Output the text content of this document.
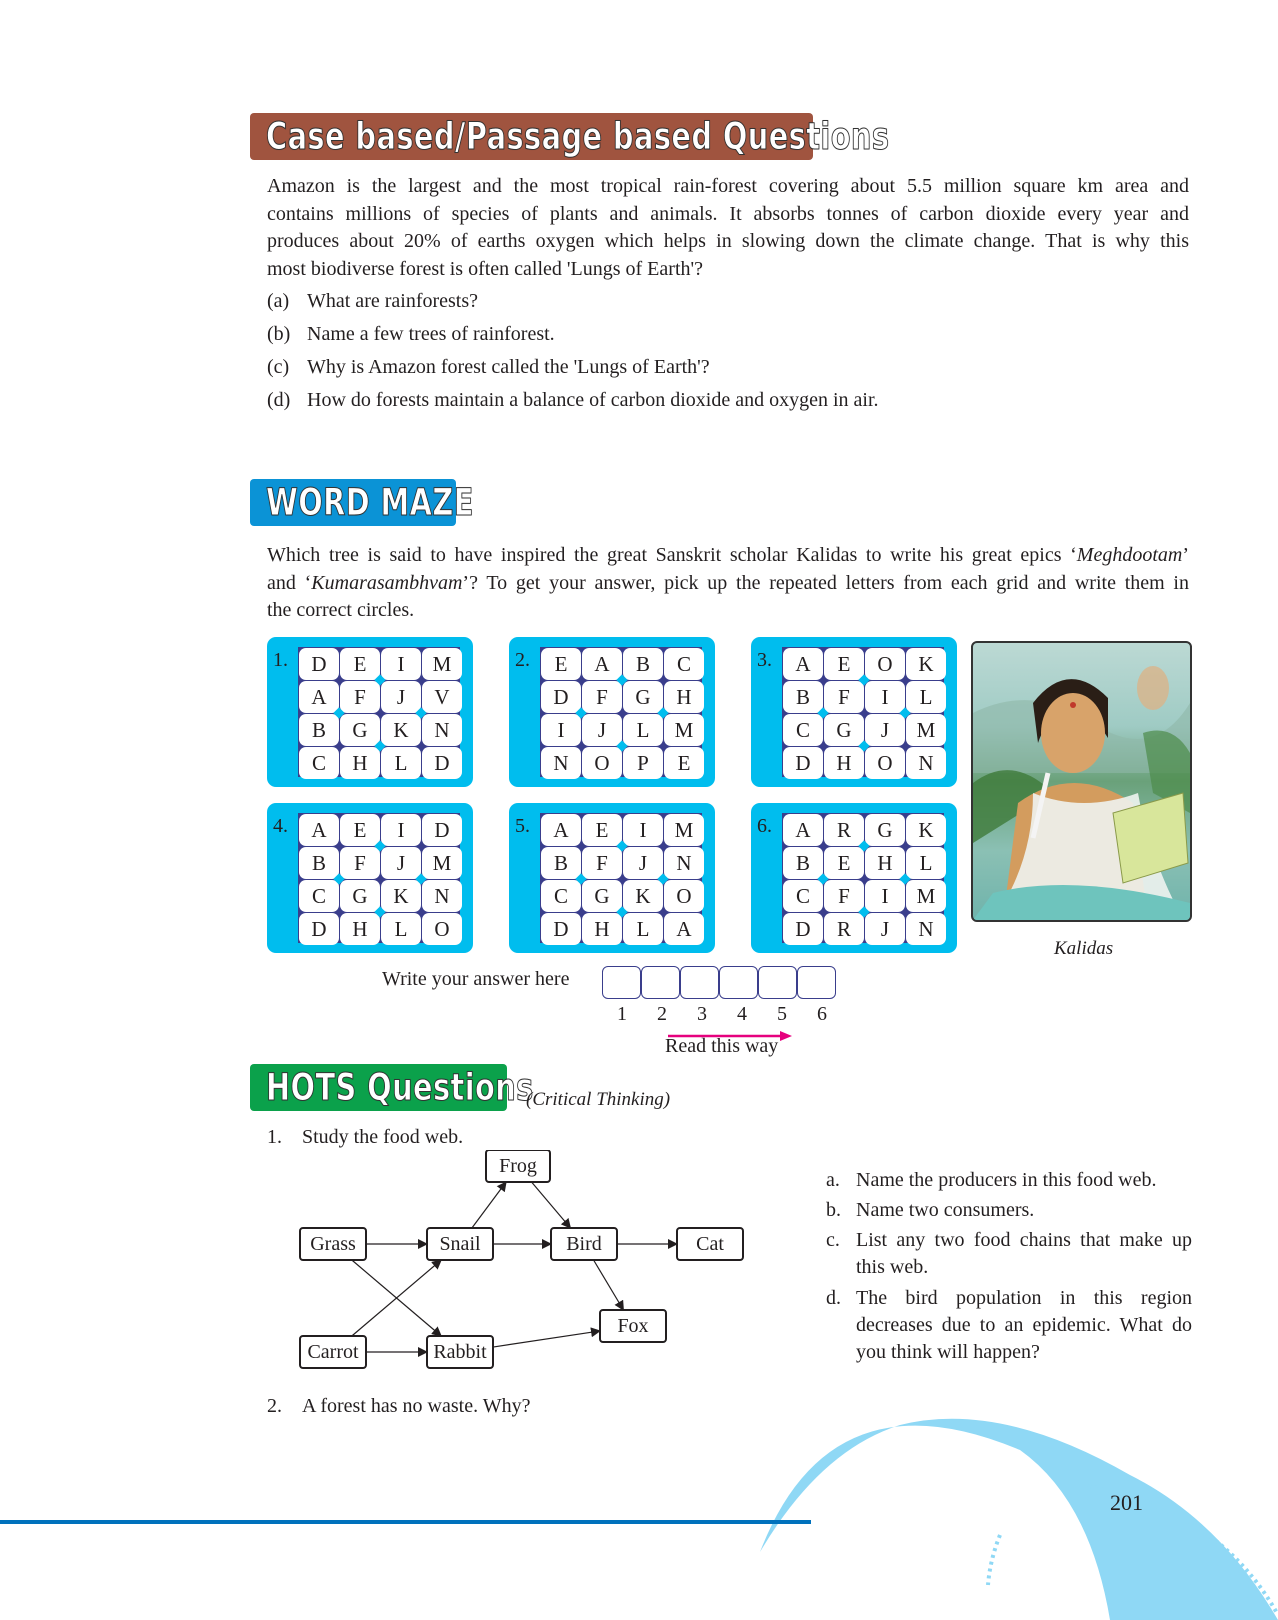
Case based/Passage based Questions
Amazon is the largest and the most tropical rain-forest covering about 5.5 million square km area and
contains millions of species of plants and animals. It absorbs tonnes of carbon dioxide every year and
produces about 20% of earths oxygen which helps in slowing down the climate change. That is why this
most biodiverse forest is often called 'Lungs of Earth'?
(a) What are rainforests?
(b) Name a few trees of rainforest.
(c) Why is Amazon forest called the 'Lungs of Earth'?
(d) How do forests maintain a balance of carbon dioxide and oxygen in air.
WORD MAZE
Which tree is said to have inspired the great Sanskrit scholar Kalidas to write his great epics ‘Meghdootam’
and ‘Kumarasambhvam’? To get your answer, pick up the repeated letters from each grid and write them in
the correct circles.
1.	D	E	I	M
A	F	J	V
B	G	K	N
C	H	L	D
2.	E	A	B	C
D	F	G	H
I	J	L	M
N	O	P	E
3.	A	E	O	K
B	F	I	L
C	G	J	M
D	H	O	N
4.	A	E	I	D
B	F	J	M
C	G	K	N
D	H	L	O
5.	A	E	I	M
B	F	J	N
C	G	K	O
D	H	L	A
6.	A	R	G	K
B	E	H	L
C	F	I	M
D	R	J	N
Kalidas
Write your answer here
1 2 3 4 5 6
Read this way
HOTS Questions
(Critical Thinking)
1. Study the food web.
Frog
Grass	Snail	Bird	Cat
Fox
Carrot	Rabbit
a. Name the producers in this food web.
b. Name two consumers.
c. List any two food chains that make up this web.
d. The bird population in this region decreases due to an epidemic. What do you think will happen?
2. A forest has no waste. Why?
201
